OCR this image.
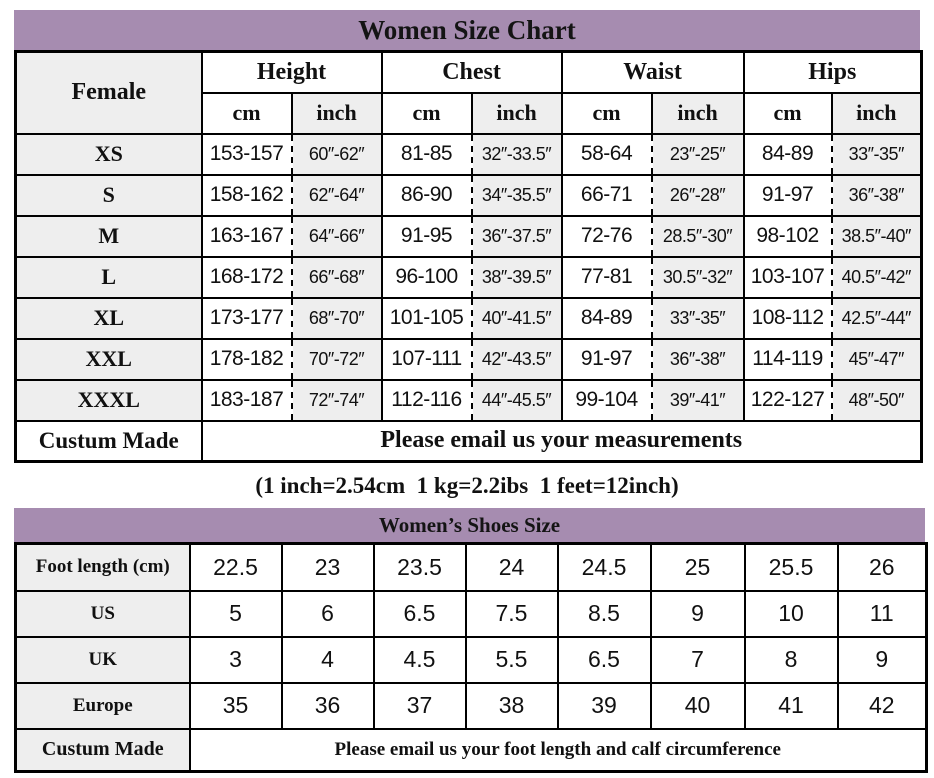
Women Size Chart
Female	Height		Chest		Waist		Hips	
	cm	inch	cm	inch	cm	inch	cm	inch
XS	153-157	60″-62″	81-85	32″-33.5″	58-64	23″-25″	84-89	33″-35″
S	158-162	62″-64″	86-90	34″-35.5″	66-71	26″-28″	91-97	36″-38″
M	163-167	64″-66″	91-95	36″-37.5″	72-76	28.5″-30″	98-102	38.5″-40″
L	168-172	66″-68″	96-100	38″-39.5″	77-81	30.5″-32″	103-107	40.5″-42″
XL	173-177	68″-70″	101-105	40″-41.5″	84-89	33″-35″	108-112	42.5″-44″
XXL	178-182	70″-72″	107-111	42″-43.5″	91-97	36″-38″	114-119	45″-47″
XXXL	183-187	72″-74″	112-116	44″-45.5″	99-104	39″-41″	122-127	48″-50″
Custum Made	Please email us your measurements							
(1 inch=2.54cm  1 kg=2.2ibs  1 feet=12inch)
Women’s Shoes Size
Foot length (cm)	22.5	23	23.5	24	24.5	25	25.5	26
US	5	6	6.5	7.5	8.5	9	10	11
UK	3	4	4.5	5.5	6.5	7	8	9
Europe	35	36	37	38	39	40	41	42
Custum Made	Please email us your foot length and calf circumference							
